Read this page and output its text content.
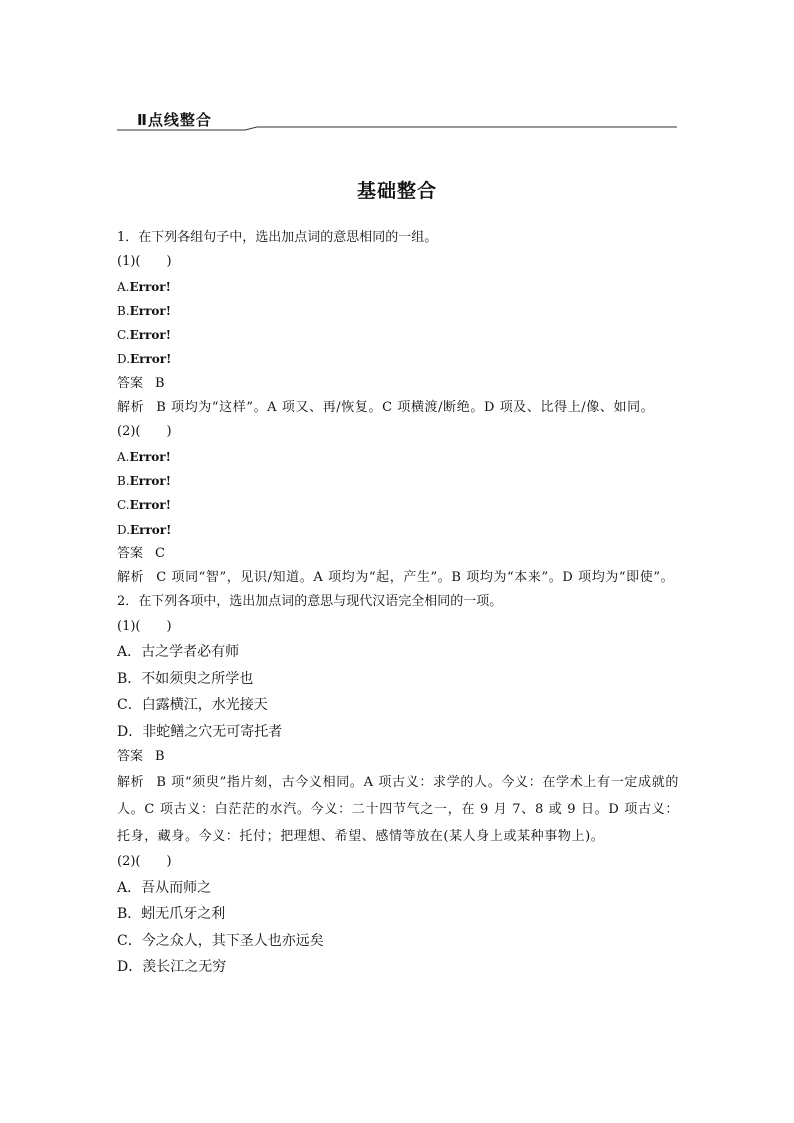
Ⅱ点线整合
基础整合
1．在下列各组句子中，选出加点词的意思相同的一组。
(1)(　　)
A.Error!
B.Error!
C.Error!
D.Error!
答案 B
解析 B 项均为“这样”。A 项又、再/恢复。C 项横渡/断绝。D 项及、比得上/像、如同。
(2)(　　)
A.Error!
B.Error!
C.Error!
D.Error!
答案 C
解析 C 项同“智”，见识/知道。A 项均为“起，产生”。B 项均为“本来”。D 项均为“即使”。
2．在下列各项中，选出加点词的意思与现代汉语完全相同的一项。
(1)(　　)
A．古之学者必有师
B．不如须臾之所学也
C．白露横江，水光接天
D．非蛇鳝之穴无可寄托者
答案 B
解析 B 项“须臾”指片刻，古今义相同。A 项古义：求学的人。今义：在学术上有一定成就的人。C 项古义：白茫茫的水汽。今义：二十四节气之一，在 9 月 7、8 或 9 日。D 项古义：托身，藏身。今义：托付；把理想、希望、感情等放在(某人身上或某种事物上)。
(2)(　　)
A．吾从而师之
B．蚓无爪牙之利
C．今之众人，其下圣人也亦远矣
D．羡长江之无穷
